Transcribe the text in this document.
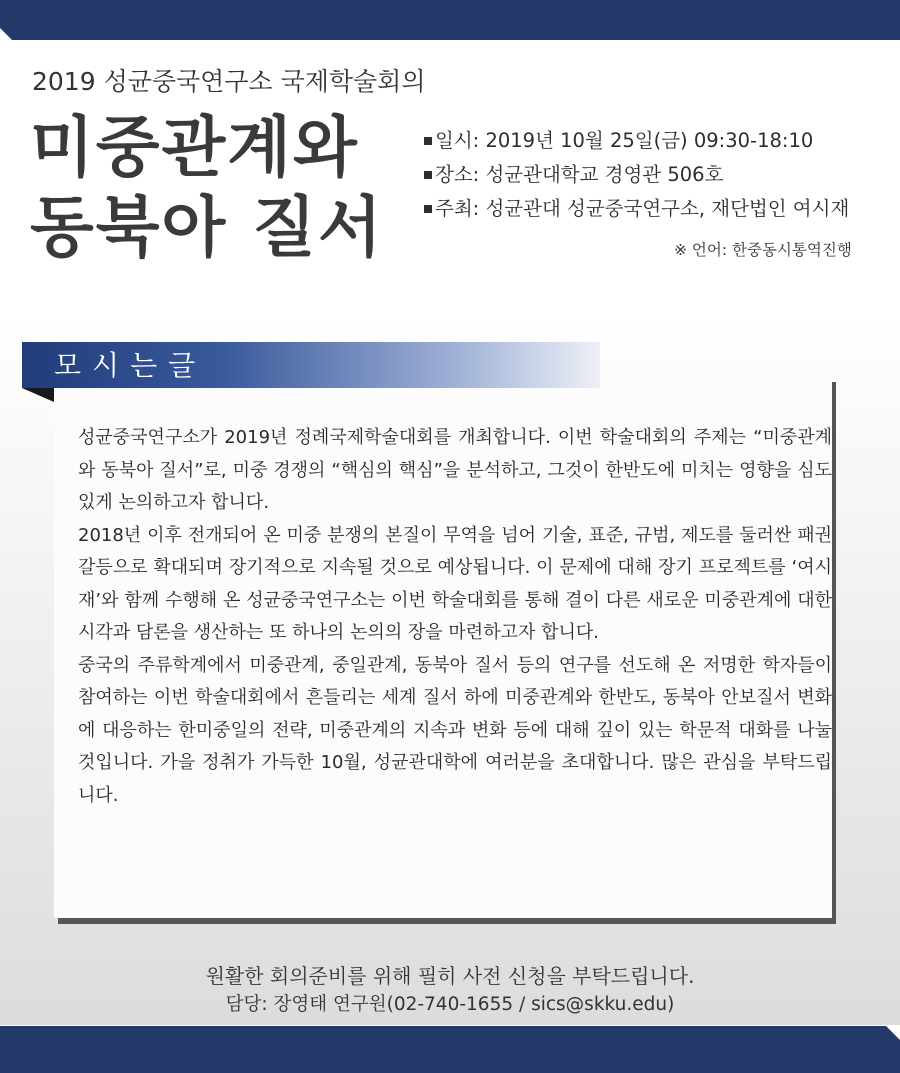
2019 성균중국연구소 국제학술회의
미중관계와
동북아 질서
일시: 2019년 10월 25일(금) 09:30-18:10
장소: 성균관대학교 경영관 506호
주최: 성균관대 성균중국연구소, 재단법인 여시재
※ 언어: 한중동시통역진행
모시는글

성균중국연구소가 2019년 정례국제학술대회를 개최합니다. 이번 학술대회의 주제는 “미중관계와 동북아 질서”로, 미중 경쟁의 “핵심의 핵심”을 분석하고, 그것이 한반도에 미치는 영향을 심도 있게 논의하고자 합니다.

2018년 이후 전개되어 온 미중 분쟁의 본질이 무역을 넘어 기술, 표준, 규범, 제도를 둘러싼 패권 갈등으로 확대되며 장기적으로 지속될 것으로 예상됩니다. 이 문제에 대해 장기 프로젝트를 ‘여시재’와 함께 수행해 온 성균중국연구소는 이번 학술대회를 통해 결이 다른 새로운 미중관계에 대한 시각과 담론을 생산하는 또 하나의 논의의 장을 마련하고자 합니다.

중국의 주류학계에서 미중관계, 중일관계, 동북아 질서 등의 연구를 선도해 온 저명한 학자들이 참여하는 이번 학술대회에서 흔들리는 세계 질서 하에 미중관계와 한반도, 동북아 안보질서 변화에 대응하는 한미중일의 전략, 미중관계의 지속과 변화 등에 대해 깊이 있는 학문적 대화를 나눌 것입니다. 가을 정취가 가득한 10월, 성균관대학에 여러분을 초대합니다. 많은 관심을 부탁드립니다.

원활한 회의준비를 위해 필히 사전 신청을 부탁드립니다.
담당: 장영태 연구원(02-740-1655 / sics@skku.edu)
